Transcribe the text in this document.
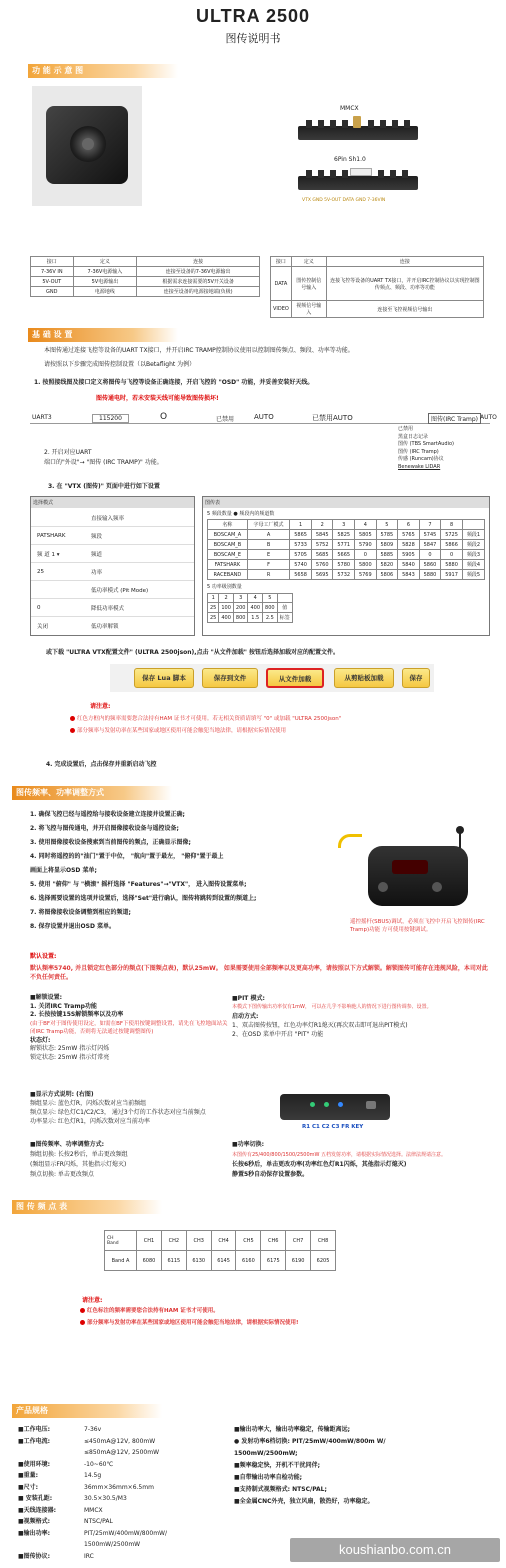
ULTRA 2500
图传说明书
功 能 示 意 图
MMCX
6Pin Sh1.0
VTX GND 5V-OUT DATA GND 7-36VIN
接口	定义	连接
7-36V IN	7-36V电源输入	连接至设备的7-36V电源输出
5V-OUT	5V电源输出	根据需求连接需要的5V开关设备
GND	电源地线	连接至设备的电源接地端(负极)
接口	定义	连接
DATA	图传控制信号输入	连接飞控等设备的UART TX接口，并开启IRC控制协议以实现控制图传频点、频段、功率等功能
VIDEO	视频信号输入	连接至飞控视频信号输出
基 础 设 置
本图传通过连接飞控等设备的UART TX接口，并开启IRC TRAMP控制协议使用以控制图传频点、频段、功率等功能。
请按照以下步骤完成图传控制设置（以Betaflight 为例）
1. 按照接线图及接口定义将图传与飞控等设备正确连接，开启飞控的 "OSD" 功能，并妥善安装好天线。
图传通电时，若未安装天线可能导致图传损坏!
UART3	115200	O	已禁用	AUTO	已禁用AUTO	图传(IRC Tramp) AUTO
已禁用
黑盒日志记录
图传 (TBS SmartAudio)
图传 (IRC Tramp)
传感 (Runcam)协议
Benewake LIDAR
2. 开启对应UART
端口的"外设"→ "图传 (IRC TRAMP)" 功能。
3. 在 "VTX (图传)" 页面中进行如下设置
选择模式
直接输入频率
PATSHARK	频段
频 道 1 ▾	频道
25	功率
低功率模式 (Pit Mode)
0	降低功率模式
关闭	低功率解锁
图传表
5 频段数量 ● 频段内的频道数
名称	字母工厂模式	1	2	3	4	5	6	7	8	
BOSCAM_A	A	5865	5845	5825	5805	5785	5765	5745	5725	频段1
BOSCAM_B	B	5733	5752	5771	5790	5809	5828	5847	5866	频段2
BOSCAM_E	E	5705	5685	5665	0	5885	5905	0	0	频段3
FATSHARK	F	5740	5760	5780	5800	5820	5840	5860	5880	频段4
RACEBAND	R	5658	5695	5732	5769	5806	5843	5880	5917	频段5
5 功率级别数量
1	2	3	4	5	
25	100	200	400	800	值
25	400	800	1.5	2.5	标签
或下载 "ULTRA VTX配置文件" (ULTRA 2500json),点击 "从文件加载" 按钮后选择加载对应的配置文件。
保存 Lua 脚本	保存到文件	从文件加载	从剪贴板加载	保存
请注意:
红色方框内的频率需要您合法持有HAM 证书才可使用。若无相关资质请填写 "0" 或加载 "ULTRA 2500json"
部分频率与发射功率在某些国家或地区使用可能会触犯当地法律，请根据实际情况使用
4. 完成设置后，点击保存并重新启动飞控
图传频率、功率调整方式
1. 确保飞控已经与遥控给与接收设备建立连接并设置正确;
2. 将飞控与图传通电，并开启图像接收设备与遥控设备;
3. 使用图像接收设备搜索到当前图传的频点，正确显示图像;
4. 同时将遥控的的"油门"置于中位， "航向"置于最左， "俯仰"置于最上
画面上将显示OSD 菜单;
5. 使用 "俯仰" 与 "横滚" 摇杆选择 "Features"→"VTX"， 进入图传设置菜单;
6. 选择需要设置的选项并设置后，选择"Set"进行确认，图传将跳转到设置的频道上;
7. 将图像接收设备调整到相应的频道;
8. 保存设置并退出OSD 菜单。
遥控摇杆(SBUS)调试，必须在飞控中开启飞控图传(IRC Tramp)功能 方可使用按键调试。
默认设置:
默认频率5740, 并且锁定红色部分的频点(下图频点表)，默认25mW。 如果需要使用全部频率以及更高功率，请按照以下方式解锁。解锁图传可能存在违规风险，本司对此不负任何责任。
■解锁设置:
1. 关闭IRC Tramp功能
2. 长按按键15S解锁频率以及功率
(由于BF对于图传使用设定，如需在BF下使用按键调整设置，请先在飞控地面站关闭IRC Tramp功能，否则将无法通过按键调整图传)
状态灯:
解锁状态: 25mW 指示灯闪烁
锁定状态: 25mW 指示灯常亮
■PIT 模式:
本模式下图传输出功率仅有1mW， 可以在几乎不影响他人的情况下进行图传调参、设置。
启动方式:
1、双击图传按钮，红色功率灯R1熄灭(再次双击即可退出PIT模式)
2、在OSD 菜单中开启 "PIT" 功能
■显示方式说明: (右图)
频组显示: 蓝色灯R，闪烁次数对应当前频组
频点显示: 绿色灯C1/C2/C3， 通过3个灯的工作状态对应当前频点
功率显示: 红色灯R1，闪烁次数对应当前功率
R1 C1 C2 C3 FR KEY
■图传频率、功率调整方式:
频组切换: 长按2秒后，单击更改频组
(频组显示FR闪烁，其他指示灯熄灭)
频点切换: 单击更改频点
■功率切换:
本图传有25/400/800/1500/2500mW 五档发射功率，请根据实际情况选择。法律法规请注意。
长按6秒后，单击更改功率(功率红色灯R1闪烁，其他指示灯熄灭)
静置5秒自动保存设置参数。
图 传 频 点 表
CH
Band	CH1	CH2	CH3	CH4	CH5	CH6	CH7	CH8
Band A	6080	6115	6130	6145	6160	6175	6190	6205
请注意:
红色标注的频率需要您合法持有HAM 证书才可使用。
部分频率与发射功率在某些国家或地区使用可能会触犯当地法律，请根据实际情况使用!
产品规格
■工作电压:	7-36v
■工作电流:	≤450mA@12V, 800mW
≤850mA@12V, 2500mW
■使用环境:	-10~60℃
■重量:	14.5g
■尺寸:	36mm×36mm×6.5mm
■ 安装孔距:	30.5×30.5/M3
■天线连接器:	MMCX
■视频格式:	NTSC/PAL
■输出功率:	PIT/25mW/400mW/800mW/
1500mW/2500mW
■图传协议:	IRC
■输出功率大，输出功率稳定，传输距离远;
● 发射功率6档切换: PIT/25mW/400mW/800m W/
1500mW/2500mW;
■频率稳定快，开机不干扰同伴;
■自带输出功率自检功能;
■支持制式视频格式: NTSC/PAL;
■全金属CNC外壳，独立风扇，散热好，功率稳定。
koushianbo.com.cn
